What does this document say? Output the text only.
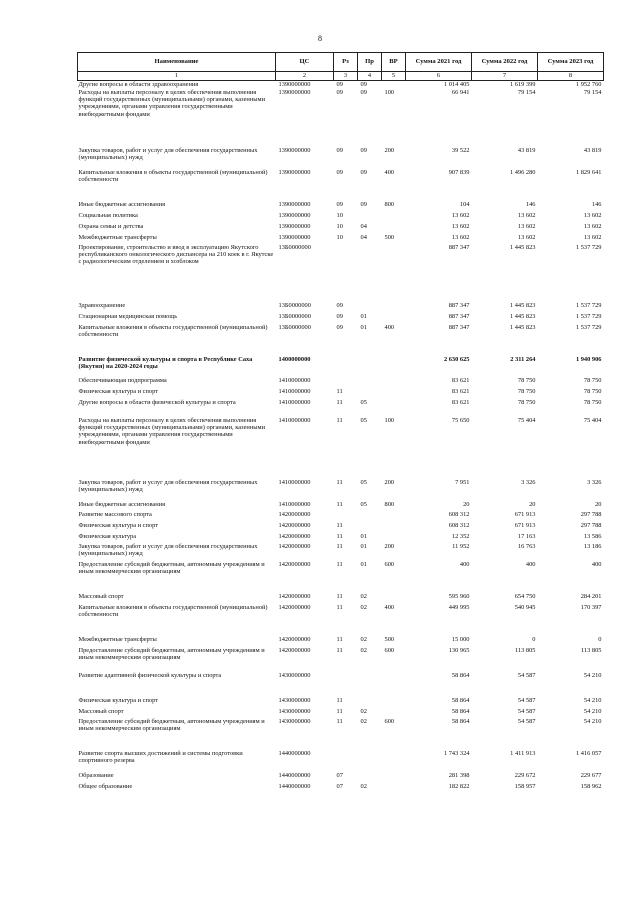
8
Наименование	ЦС	Рз	Пр	ВР	Сумма 2021 год	Сумма 2022 год	Сумма 2023 год
1	2	3	4	5	6	7	8
Другие вопросы в области здравоохранения	1390000000	09	09		1 014 405	1 619 399	1 952 760
Расходы на выплаты персоналу в целях обеспечения выполнения функций государственных (муниципальными) органами, казенными учреждениями, органами управления государственными внебюджетными фондами	1390000000	09	09	100	66 941	79 154	79 154
Закупка товаров, работ и услуг для обеспечения государственных (муниципальных) нужд	1390000000	09	09	200	39 522	43 819	43 819
Капитальные вложения в объекты государственной (муниципальной) собственности	1390000000	09	09	400	907 839	1 496 280	1 829 641
Иные бюджетные ассигнования	1390000000	09	09	800	104	146	146
Социальная политика	1390000000	10			13 602	13 602	13 602
Охрана семьи и детства	1390000000	10	04		13 602	13 602	13 602
Межбюджетные трансферты	1390000000	10	04	500	13 602	13 602	13 602
Проектирование, строительство и ввод в эксплуатацию Якутского республиканского онкологического диспансера на 210 коек в г. Якутске с радиологическим отделением и хозблоком	13Б0000000				887 347	1 445 823	1 537 729
Здравоохранение	13Б0000000	09			887 347	1 445 823	1 537 729
Стационарная медицинская помощь	13Б0000000	09	01		887 347	1 445 823	1 537 729
Капитальные вложения в объекты государственной (муниципальной) собственности	13Б0000000	09	01	400	887 347	1 445 823	1 537 729
Развитие физической культуры и спорта в Республике Саха (Якутия) на 2020-2024 годы	1400000000				2 630 625	2 311 264	1 940 906
Обеспечивающая подпрограмма	1410000000				83 621	78 750	78 750
Физическая культура и спорт	1410000000	11			83 621	78 750	78 750
Другие вопросы в области физической культуры и спорта	1410000000	11	05		83 621	78 750	78 750
Расходы на выплаты персоналу в целях обеспечения выполнения функций государственных (муниципальными) органами, казенными учреждениями, органами управления государственными внебюджетными фондами	1410000000	11	05	100	75 650	75 404	75 404
Закупка товаров, работ и услуг для обеспечения государственных (муниципальных) нужд	1410000000	11	05	200	7 951	3 326	3 326
Иные бюджетные ассигнования	1410000000	11	05	800	20	20	20
Развитие массового спорта	1420000000				608 312	671 913	297 788
Физическая культура и спорт	1420000000	11			608 312	671 913	297 788
Физическая культура	1420000000	11	01		12 352	17 163	13 586
Закупка товаров, работ и услуг для обеспечения государственных (муниципальных) нужд	1420000000	11	01	200	11 952	16 763	13 186
Предоставление субсидий бюджетным, автономным учреждениям и иным некоммерческим организациям	1420000000	11	01	600	400	400	400
Массовый спорт	1420000000	11	02		595 960	654 750	284 201
Капитальные вложения в объекты государственной (муниципальной) собственности	1420000000	11	02	400	449 995	540 945	170 397
Межбюджетные трансферты	1420000000	11	02	500	15 000	0	0
Предоставление субсидий бюджетным, автономным учреждениям и иным некоммерческим организациям	1420000000	11	02	600	130 965	113 805	113 805
Развитие адаптивной физической культуры и спорта	1430000000				58 864	54 587	54 210
Физическая культура и спорт	1430000000	11			58 864	54 587	54 210
Массовый спорт	1430000000	11	02		58 864	54 587	54 210
Предоставление субсидий бюджетным, автономным учреждениям и иным некоммерческим организациям	1430000000	11	02	600	58 864	54 587	54 210
Развитие спорта высших достижений и системы подготовки спортивного резерва	1440000000				1 743 324	1 411 913	1 416 057
Образование	1440000000	07			281 398	229 672	229 677
Общее образование	1440000000	07	02		182 822	158 957	158 962
